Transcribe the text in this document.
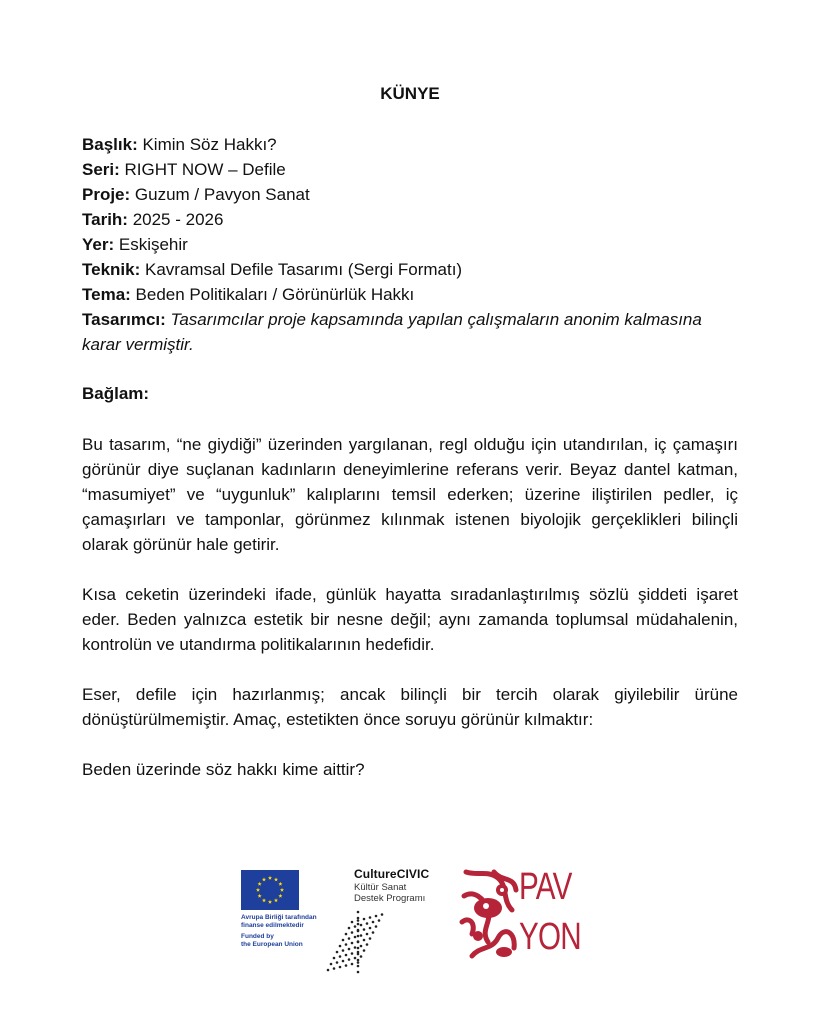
KÜNYE

Başlık: Kimin Söz Hakkı?

Seri: RIGHT NOW – Defile

Proje: Guzum / Pavyon Sanat

Tarih: 2025 - 2026

Yer: Eskişehir

Teknik: Kavramsal Defile Tasarımı (Sergi Formatı)

Tema: Beden Politikaları / Görünürlük Hakkı

Tasarımcı: Tasarımcılar proje kapsamında yapılan çalışmaların anonim kalmasına karar vermiştir.

Bağlam:

Bu tasarım, “ne giydiği” üzerinden yargılanan, regl olduğu için utandırılan, iç çamaşırı görünür diye suçlanan kadınların deneyimlerine referans verir. Beyaz dantel katman, “masumiyet” ve “uygunluk” kalıplarını temsil ederken; üzerine iliştirilen pedler, iç çamaşırları ve tamponlar, görünmez kılınmak istenen biyolojik gerçeklikleri bilinçli olarak görünür hale getirir.

Kısa ceketin üzerindeki ifade, günlük hayatta sıradanlaştırılmış sözlü şiddeti işaret eder. Beden yalnızca estetik bir nesne değil; aynı zamanda toplumsal müdahalenin, kontrolün ve utandırma politikalarının hedefidir.

Eser, defile için hazırlanmış; ancak bilinçli bir tercih olarak giyilebilir ürüne dönüştürülmemiştir. Amaç, estetikten önce soruyu görünür kılmaktır:

Beden üzerinde söz hakkı kime aittir?

Avrupa Birliği tarafından
finanse edilmektedir
Funded by
the European Union
CultureCIVIC
Kültür Sanat
Destek Programı PAV
YON
